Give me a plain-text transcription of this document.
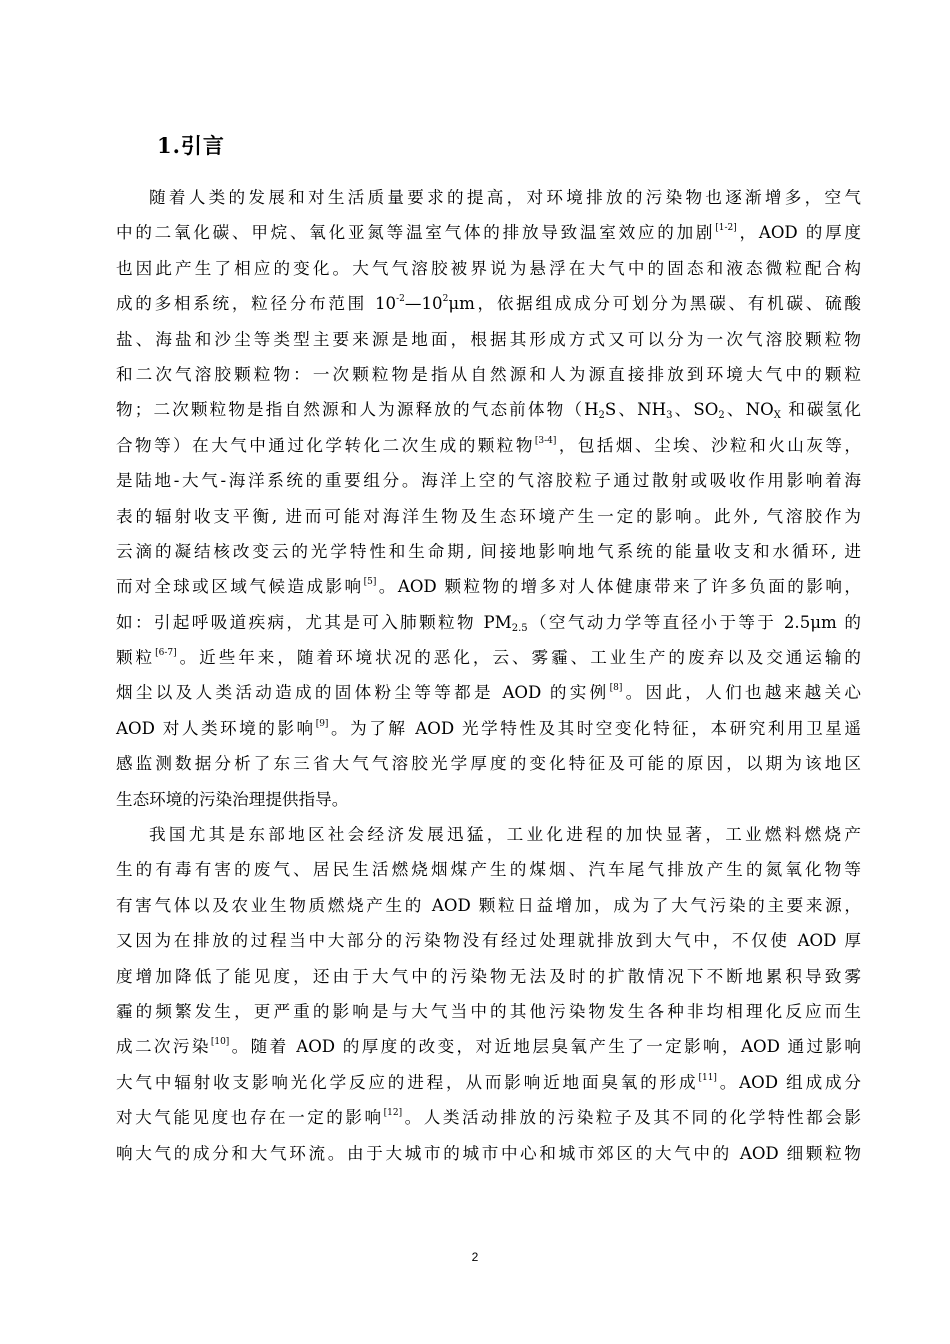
1.引言
随着人类的发展和对生活质量要求的提高，对环境排放的污染物也逐渐增多，空气
中的二氧化碳、甲烷、氧化亚氮等温室气体的排放导致温室效应的加剧[1-2]，AOD 的厚度
也因此产生了相应的变化。大气气溶胶被界说为悬浮在大气中的固态和液态微粒配合构
成的多相系统，粒径分布范围 $10^{-2}—10^2\mu m$，依据组成成分可划分为黑碳、有机碳、硫酸
盐、海盐和沙尘等类型主要来源是地面，根据其形成方式又可以分为一次气溶胶颗粒物
和二次气溶胶颗粒物：一次颗粒物是指从自然源和人为源直接排放到环境大气中的颗粒
物；二次颗粒物是指自然源和人为源释放的气态前体物（$H_2S$、$NH_3$、$SO_2$、$NO_X$ 和碳氢化
合物等）在大气中通过化学转化二次生成的颗粒物[3-4]，包括烟、尘埃、沙粒和火山灰等，
是陆地-大气-海洋系统的重要组分。海洋上空的气溶胶粒子通过散射或吸收作用影响着海
表的辐射收支平衡, 进而可能对海洋生物及生态环境产生一定的影响。此外, 气溶胶作为
云滴的凝结核改变云的光学特性和生命期, 间接地影响地气系统的能量收支和水循环, 进
而对全球或区域气候造成影响[5]。AOD 颗粒物的增多对人体健康带来了许多负面的影响，
如：引起呼吸道疾病，尤其是可入肺颗粒物 $PM_{2.5}$（空气动力学等直径小于等于 2.5μm 的
颗粒[6-7]。近些年来，随着环境状况的恶化，云、雾霾、工业生产的废弃以及交通运输的
烟尘以及人类活动造成的固体粉尘等等都是 AOD 的实例[8]。因此，人们也越来越关心
AOD 对人类环境的影响[9]。为了解 AOD 光学特性及其时空变化特征，本研究利用卫星遥
感监测数据分析了东三省大气气溶胶光学厚度的变化特征及可能的原因，以期为该地区
生态环境的污染治理提供指导。
我国尤其是东部地区社会经济发展迅猛，工业化进程的加快显著，工业燃料燃烧产
生的有毒有害的废气、居民生活燃烧烟煤产生的煤烟、汽车尾气排放产生的氮氧化物等
有害气体以及农业生物质燃烧产生的 AOD 颗粒日益增加，成为了大气污染的主要来源，
又因为在排放的过程当中大部分的污染物没有经过处理就排放到大气中，不仅使 AOD 厚
度增加降低了能见度，还由于大气中的污染物无法及时的扩散情况下不断地累积导致雾
霾的频繁发生，更严重的影响是与大气当中的其他污染物发生各种非均相理化反应而生
成二次污染[10]。随着 AOD 的厚度的改变，对近地层臭氧产生了一定影响，AOD 通过影响
大气中辐射收支影响光化学反应的进程，从而影响近地面臭氧的形成[11]。AOD 组成成分
对大气能见度也存在一定的影响[12]。人类活动排放的污染粒子及其不同的化学特性都会影
响大气的成分和大气环流。由于大城市的城市中心和城市郊区的大气中的 AOD 细颗粒物
2
